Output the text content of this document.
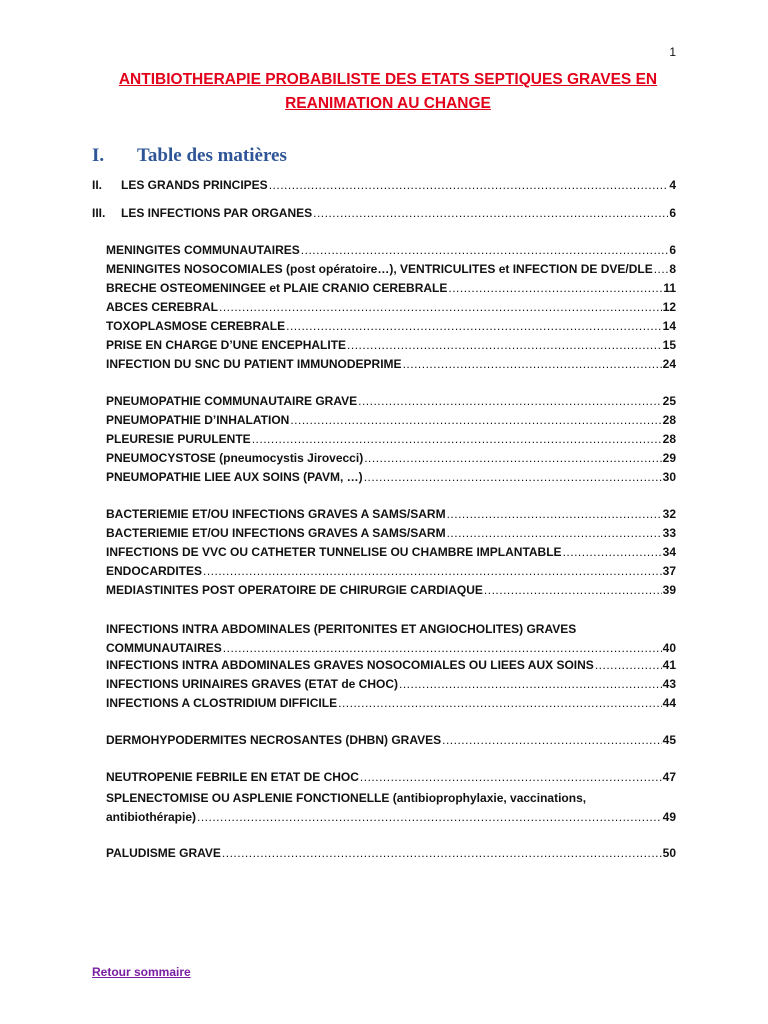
1
ANTIBIOTHERAPIE PROBABILISTE DES ETATS SEPTIQUES GRAVES EN
REANIMATION AU CHANGE
I. Table des matières
II. LES GRANDS PRINCIPES .....	4
III. LES INFECTIONS PAR ORGANES .....	6
MENINGITES COMMUNAUTAIRES .....	6
MENINGITES NOSOCOMIALES (post opératoire…), VENTRICULITES et INFECTION DE DVE/DLE ..... 8
BRECHE OSTEOMENINGEE et PLAIE CRANIO CEREBRALE .....	11
ABCES CEREBRAL .....	12
TOXOPLASMOSE CEREBRALE .....	14
PRISE EN CHARGE D’UNE ENCEPHALITE .....	15
INFECTION DU SNC DU PATIENT IMMUNODEPRIME .....	24
PNEUMOPATHIE COMMUNAUTAIRE GRAVE .....	25
PNEUMOPATHIE D’INHALATION .....	28
PLEURESIE PURULENTE .....	28
PNEUMOCYSTOSE (pneumocystis Jirovecci) .....	29
PNEUMOPATHIE LIEE AUX SOINS (PAVM, …) .....	30
BACTERIEMIE ET/OU INFECTIONS GRAVES A SAMS/SARM .....	32
BACTERIEMIE ET/OU INFECTIONS GRAVES A SAMS/SARM .....	33
INFECTIONS DE VVC OU CATHETER TUNNELISE OU CHAMBRE IMPLANTABLE .....	34
ENDOCARDITES .....	37
MEDIASTINITES POST OPERATOIRE DE CHIRURGIE CARDIAQUE .....	39
INFECTIONS INTRA ABDOMINALES (PERITONITES ET ANGIOCHOLITES) GRAVES
COMMUNAUTAIRES .....	40
INFECTIONS INTRA ABDOMINALES GRAVES NOSOCOMIALES OU LIEES AUX SOINS .....	41
INFECTIONS URINAIRES GRAVES (ETAT de CHOC) .....	43
INFECTIONS A CLOSTRIDIUM DIFFICILE .....	44
DERMOHYPODERMITES NECROSANTES (DHBN) GRAVES .....	45
NEUTROPENIE FEBRILE EN ETAT DE CHOC .....	47
SPLENECTOMISE OU ASPLENIE FONCTIONELLE (antibioprophylaxie, vaccinations,
antibiothérapie) .....	49
PALUDISME GRAVE .....	50
Retour sommaire
